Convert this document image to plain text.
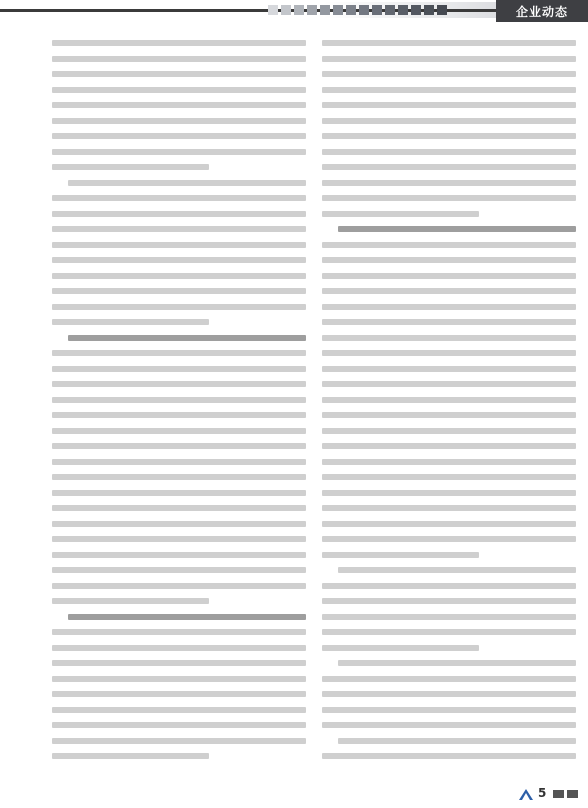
企业动态
5
